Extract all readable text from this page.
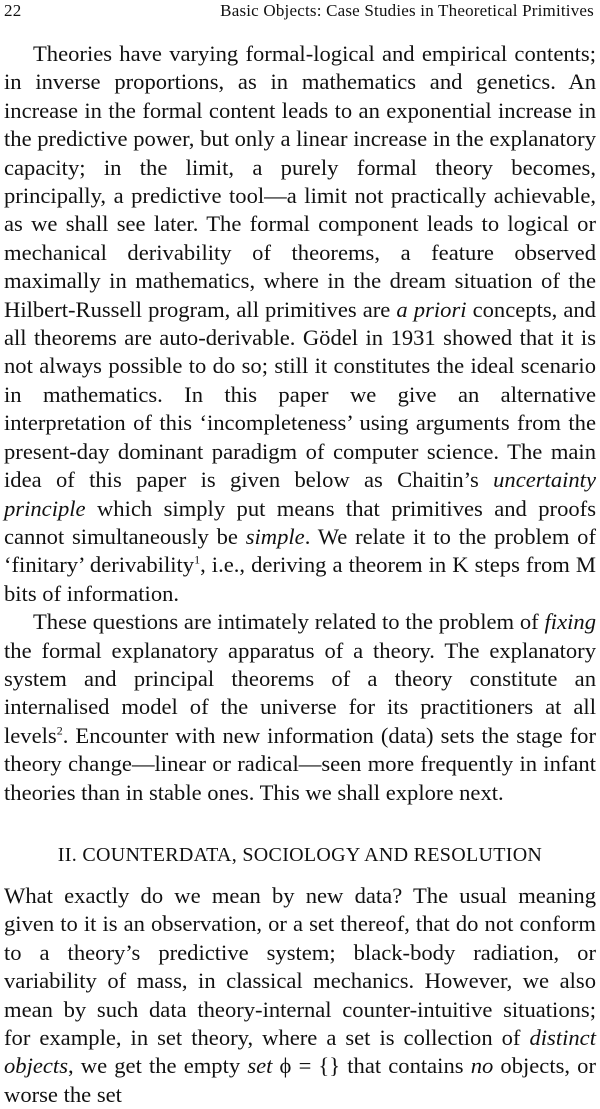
22	Basic Objects: Case Studies in Theoretical Primitives

Theories have varying formal-logical and empirical contents; in inverse proportions, as in mathematics and genetics. An increase in the formal content leads to an exponential increase in the predictive power, but only a linear increase in the explanatory capacity; in the limit, a purely formal theory becomes, principally, a predictive tool—a limit not practically achievable, as we shall see later. The formal component leads to logical or mechanical derivability of theorems, a feature observed maximally in mathematics, where in the dream situation of the Hilbert-Russell program, all primitives are a priori concepts, and all theorems are auto-derivable. Gödel in 1931 showed that it is not always possible to do so; still it constitutes the ideal scenario in mathematics. In this paper we give an alternative interpretation of this ‘incompleteness’ using arguments from the present-day dominant paradigm of computer science. The main idea of this paper is given below as Chaitin’s uncertainty principle which simply put means that primitives and proofs cannot simultaneously be simple. We relate it to the problem of ‘finitary’ derivability$^1$, i.e., deriving a theorem in K steps from M bits of information.

These questions are intimately related to the problem of fixing the formal explanatory apparatus of a theory. The explanatory system and principal theorems of a theory constitute an internalised model of the universe for its practitioners at all levels$^2$. Encounter with new information (data) sets the stage for theory change—linear or radical—seen more frequently in infant theories than in stable ones. This we shall explore next.

II. COUNTERDATA, SOCIOLOGY AND RESOLUTION

What exactly do we mean by new data? The usual meaning given to it is an observation, or a set thereof, that do not conform to a theory’s predictive system; black-body radiation, or variability of mass, in classical mechanics. However, we also mean by such data theory-internal counter-intuitive situations; for example, in set theory, where a set is collection of distinct objects, we get the empty set ϕ = {} that contains no objects, or worse the set
